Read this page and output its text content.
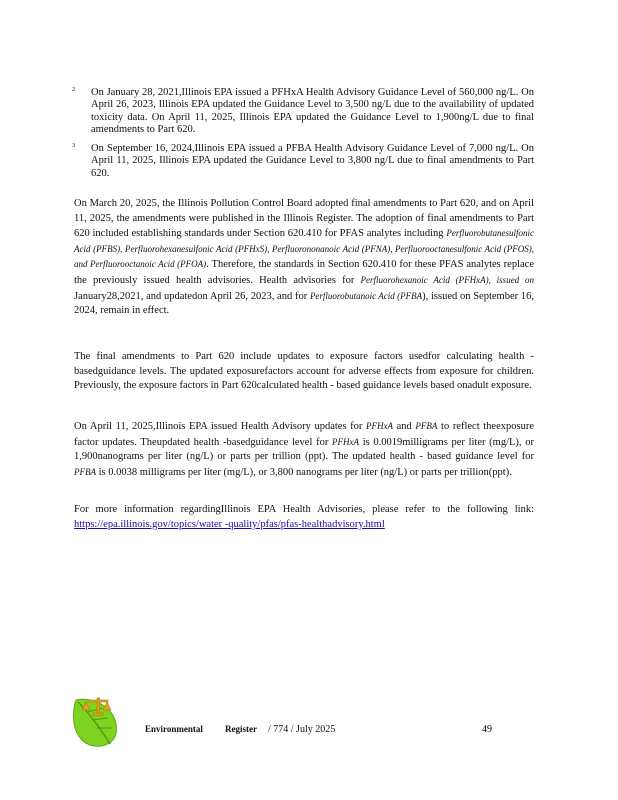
2	On January 28, 2021,Illinois EPA issued a PFHxA Health Advisory Guidance Level of 560,000 ng/L. On April 26, 2023, Illinois EPA updated the Guidance Level to 3,500 ng/L due to the availability of updated toxicity data. On April 11, 2025, Illinois EPA updated the Guidance Level to 1,900ng/L due to final amendments to Part 620.
3	On September 16, 2024,Illinois EPA issued a PFBA Health Advisory Guidance Level of 7,000 ng/L. On April 11, 2025, Illinois EPA updated the Guidance Level to 3,800 ng/L due to final amendments to Part 620.
On March 20, 2025, the Illinois Pollution Control Board adopted final amendments to Part 620, and on April 11, 2025, the amendments were published in the Illinois Register. The adoption of final amendments to Part 620 included establishing standards under Section 620.410 for PFAS analytes including Perfluorobutanesulfonic Acid (PFBS), Perfluorohexanesulfonic Acid (PFHxS), Perfluorononanoic Acid (PFNA), Perfluorooctanesulfonic Acid (PFOS), and Perfluorooctanoic Acid (PFOA). Therefore, the standards in Section 620.410 for these PFAS analytes replace the previously issued health advisories. Health advisories for Perfluorohexanoic Acid (PFHxA), issued on January28,2021, and updatedon April 26, 2023, and for Perfluorobutanoic Acid (PFBA), issued on September 16, 2024, remain in effect.
The final amendments to Part 620 include updates to exposure factors usedfor calculating health - basedguidance levels. The updated exposurefactors account for adverse effects from exposure for children. Previously, the exposure factors in Part 620calculated health - based guidance levels based onadult exposure.
On April 11, 2025,Illinois EPA issued Health Advisory updates for PFHxA and PFBA to reflect theexposure factor updates. Theupdated health -basedguidance level for PFHxA is 0.0019milligrams per liter (mg/L), or 1,900nanograms per liter (ng/L) or parts per trillion (ppt). The updated health - based guidance level for PFBA is 0.0038 milligrams per liter (mg/L), or 3,800 nanograms per liter (ng/L) or parts per trillion(ppt).
For more information regardingIllinois EPA Health Advisories, please refer to the following link: https://epa.illinois.gov/topics/water -quality/pfas/pfas-healthadvisory.html
Environmental Register / 774 / July 2025	49
